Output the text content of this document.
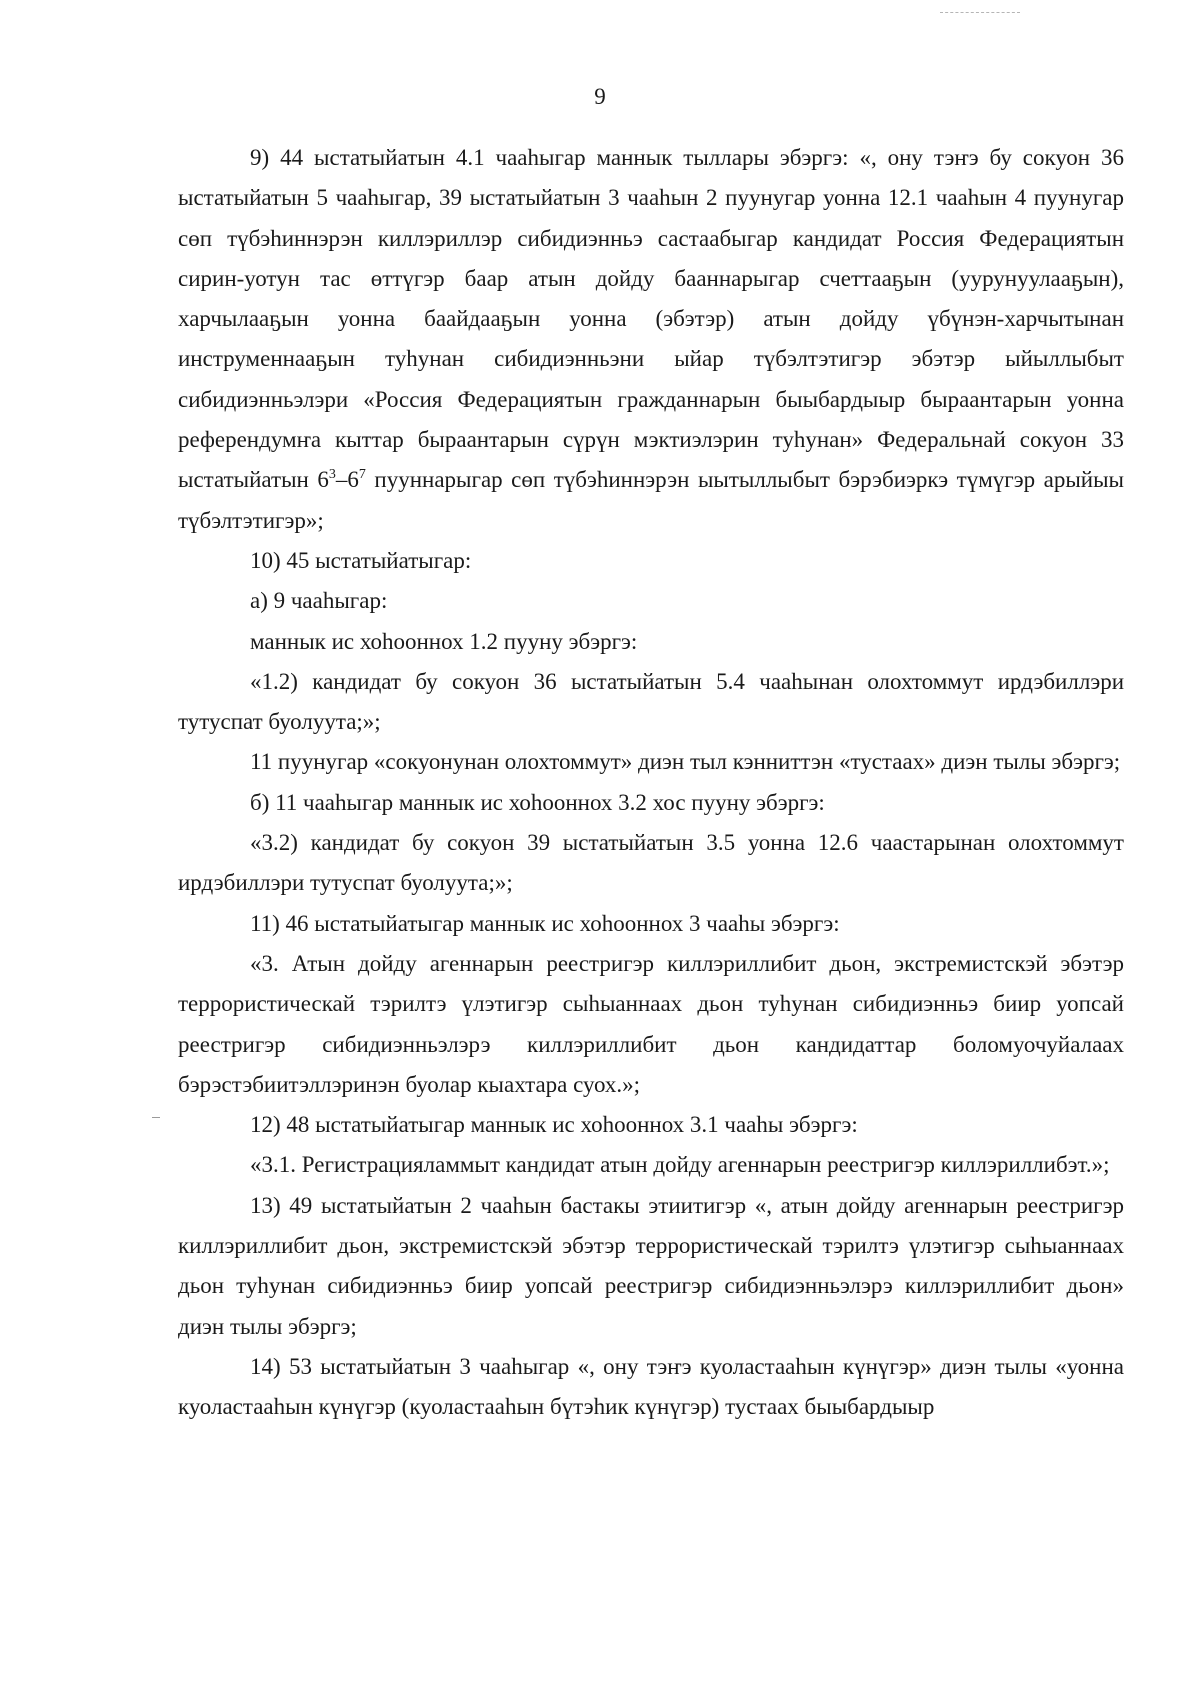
9

9) 44 ыстатыйатын 4.1 чааһыгар маннык тыллары эбэргэ: «, ону тэҥэ бу сокуон 36 ыстатыйатын 5 чааһыгар, 39 ыстатыйатын 3 чааһын 2 пуунугар уонна 12.1 чааһын 4 пуунугар сөп түбэһиннэрэн киллэриллэр сибидиэнньэ састаабыгар кандидат Россия Федерациятын сирин-уотун тас өттүгэр баар атын дойду бааннарыгар счеттааҕын (уурунуулааҕын), харчылааҕын уонна баайдааҕын уонна (эбэтэр) атын дойду үбүнэн-харчытынан инструменнааҕын туһунан сибидиэнньэни ыйар түбэлтэтигэр эбэтэр ыйыллыбыт сибидиэнньэлэри «Россия Федерациятын гражданнарын быыбардыыр быраантарын уонна референдумҥа кыттар быраантарын сүрүн мэктиэлэрин туһунан» Федеральнай сокуон 33 ыстатыйатын $6^3-6^7$ пууннарыгар сөп түбэһиннэрэн ыытыллыбыт бэрэбиэркэ түмүгэр арыйыы түбэлтэтигэр»;

10) 45 ыстатыйатыгар:

а) 9 чааһыгар:

маннык ис хоһооннох 1.2 пууну эбэргэ:

«1.2) кандидат бу сокуон 36 ыстатыйатын 5.4 чааһынан олохтоммут ирдэбиллэри тутуспат буолуута;»;

11 пуунугар «сокуонунан олохтоммут» диэн тыл кэнниттэн «тустаах» диэн тылы эбэргэ;

б) 11 чааһыгар маннык ис хоһооннох 3.2 хос пууну эбэргэ:

«3.2) кандидат бу сокуон 39 ыстатыйатын 3.5 уонна 12.6 чаастарынан олохтоммут ирдэбиллэри тутуспат буолуута;»;

11) 46 ыстатыйатыгар маннык ис хоһооннох 3 чааһы эбэргэ:

«3. Атын дойду агеннарын реестригэр киллэриллибит дьон, экстремистскэй эбэтэр террористическай тэрилтэ үлэтигэр сыһыаннаах дьон туһунан сибидиэнньэ биир уопсай реестригэр сибидиэнньэлэрэ киллэриллибит дьон кандидаттар боломуочуйалаах бэрэстэбиитэллэринэн буолар кыахтара суох.»;

12) 48 ыстатыйатыгар маннык ис хоһооннох 3.1 чааһы эбэргэ:

«3.1. Регистрацияламмыт кандидат атын дойду агеннарын реестригэр киллэриллибэт.»;

13) 49 ыстатыйатын 2 чааһын бастакы этиитигэр «, атын дойду агеннарын реестригэр киллэриллибит дьон, экстремистскэй эбэтэр террористическай тэрилтэ үлэтигэр сыһыаннаах дьон туһунан сибидиэнньэ биир уопсай реестригэр сибидиэнньэлэрэ киллэриллибит дьон» диэн тылы эбэргэ;

14) 53 ыстатыйатын 3 чааһыгар «, ону тэҥэ куоластааһын күнүгэр» диэн тылы «уонна куоластааһын күнүгэр (куоластааһын бүтэһик күнүгэр) тустаах быыбардыыр
